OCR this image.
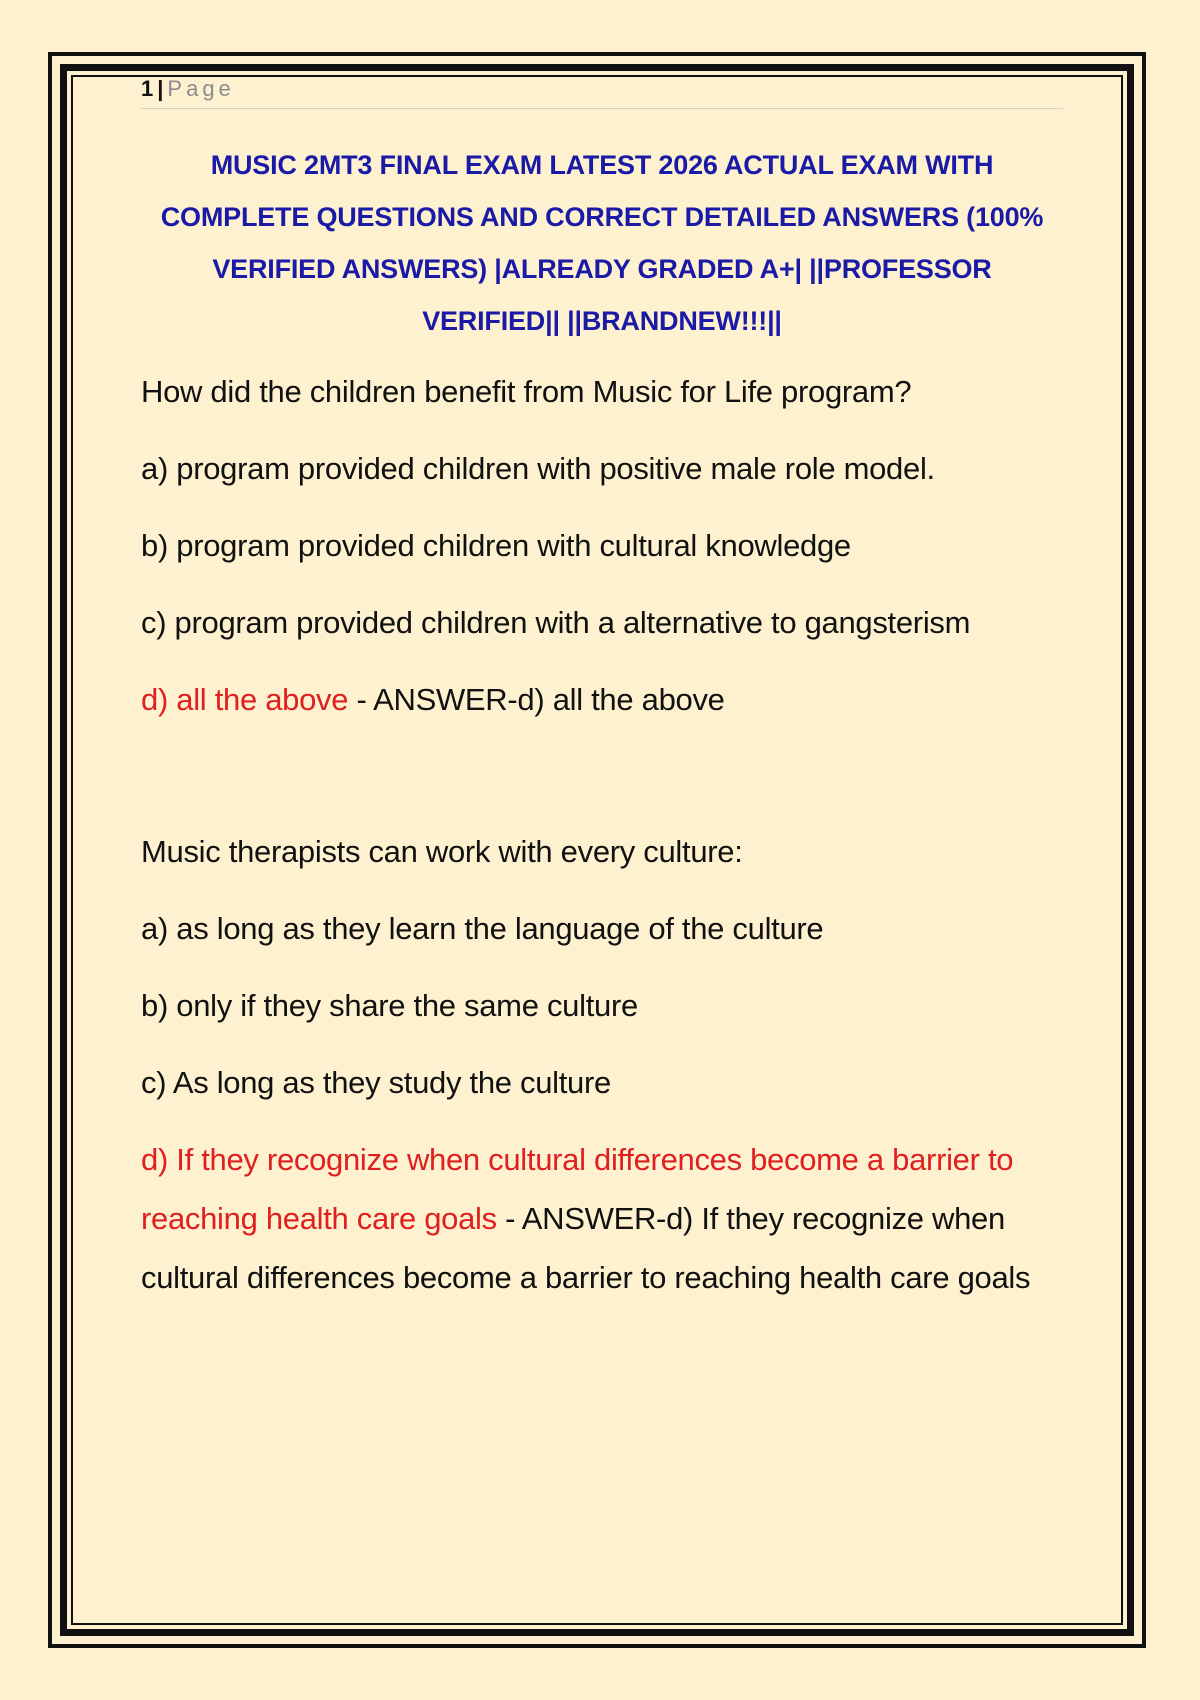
1 | Page
MUSIC 2MT3 FINAL EXAM LATEST 2026 ACTUAL EXAM WITH COMPLETE QUESTIONS AND CORRECT DETAILED ANSWERS (100% VERIFIED ANSWERS) |ALREADY GRADED A+| ||PROFESSOR VERIFIED|| ||BRANDNEW!!!||
How did the children benefit from Music for Life program?
a) program provided children with positive male role model.
b) program provided children with cultural knowledge
c) program provided children with a alternative to gangsterism
d) all the above - ANSWER-d) all the above
Music therapists can work with every culture:
a) as long as they learn the language of the culture
b) only if they share the same culture
c) As long as they study the culture
d) If they recognize when cultural differences become a barrier to reaching health care goals - ANSWER-d) If they recognize when cultural differences become a barrier to reaching health care goals
